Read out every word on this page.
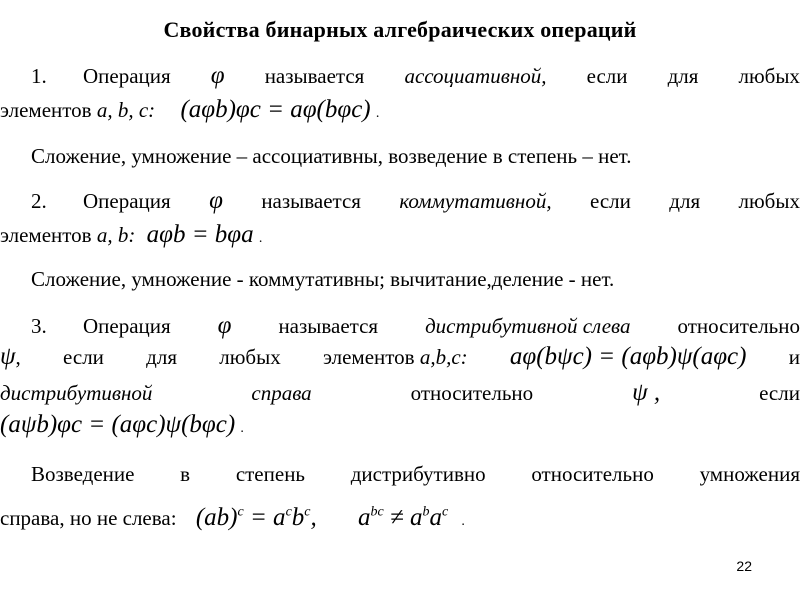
Свойства бинарных алгебраических операций
1. Операция φ называется ассоциативной, если для любых
элементов a, b, c: (aφb)φc = aφ(bφc) .
Сложение, умножение – ассоциативны, возведение в степень – нет.
2. Операция φ называется коммутативной, если для любых
элементов a, b: aφb = bφa .
Сложение, умножение - коммутативны; вычитание,деление - нет.
3. Операция φ называется дистрибутивной слева относительно
ψ, если для любых элементов a,b,c: aφ(bψc) = (aφb)ψ(aφc) и
дистрибутивной	справа	относительно	ψ ,	если
(aψb)φc = (aφc)ψ(bφc) .
Возведение в степень дистрибутивно относительно умножения
справа, но не слева: $(ab)^c = a^cb^c$, $a^{bc} \ne a^ba^c$ .
22
